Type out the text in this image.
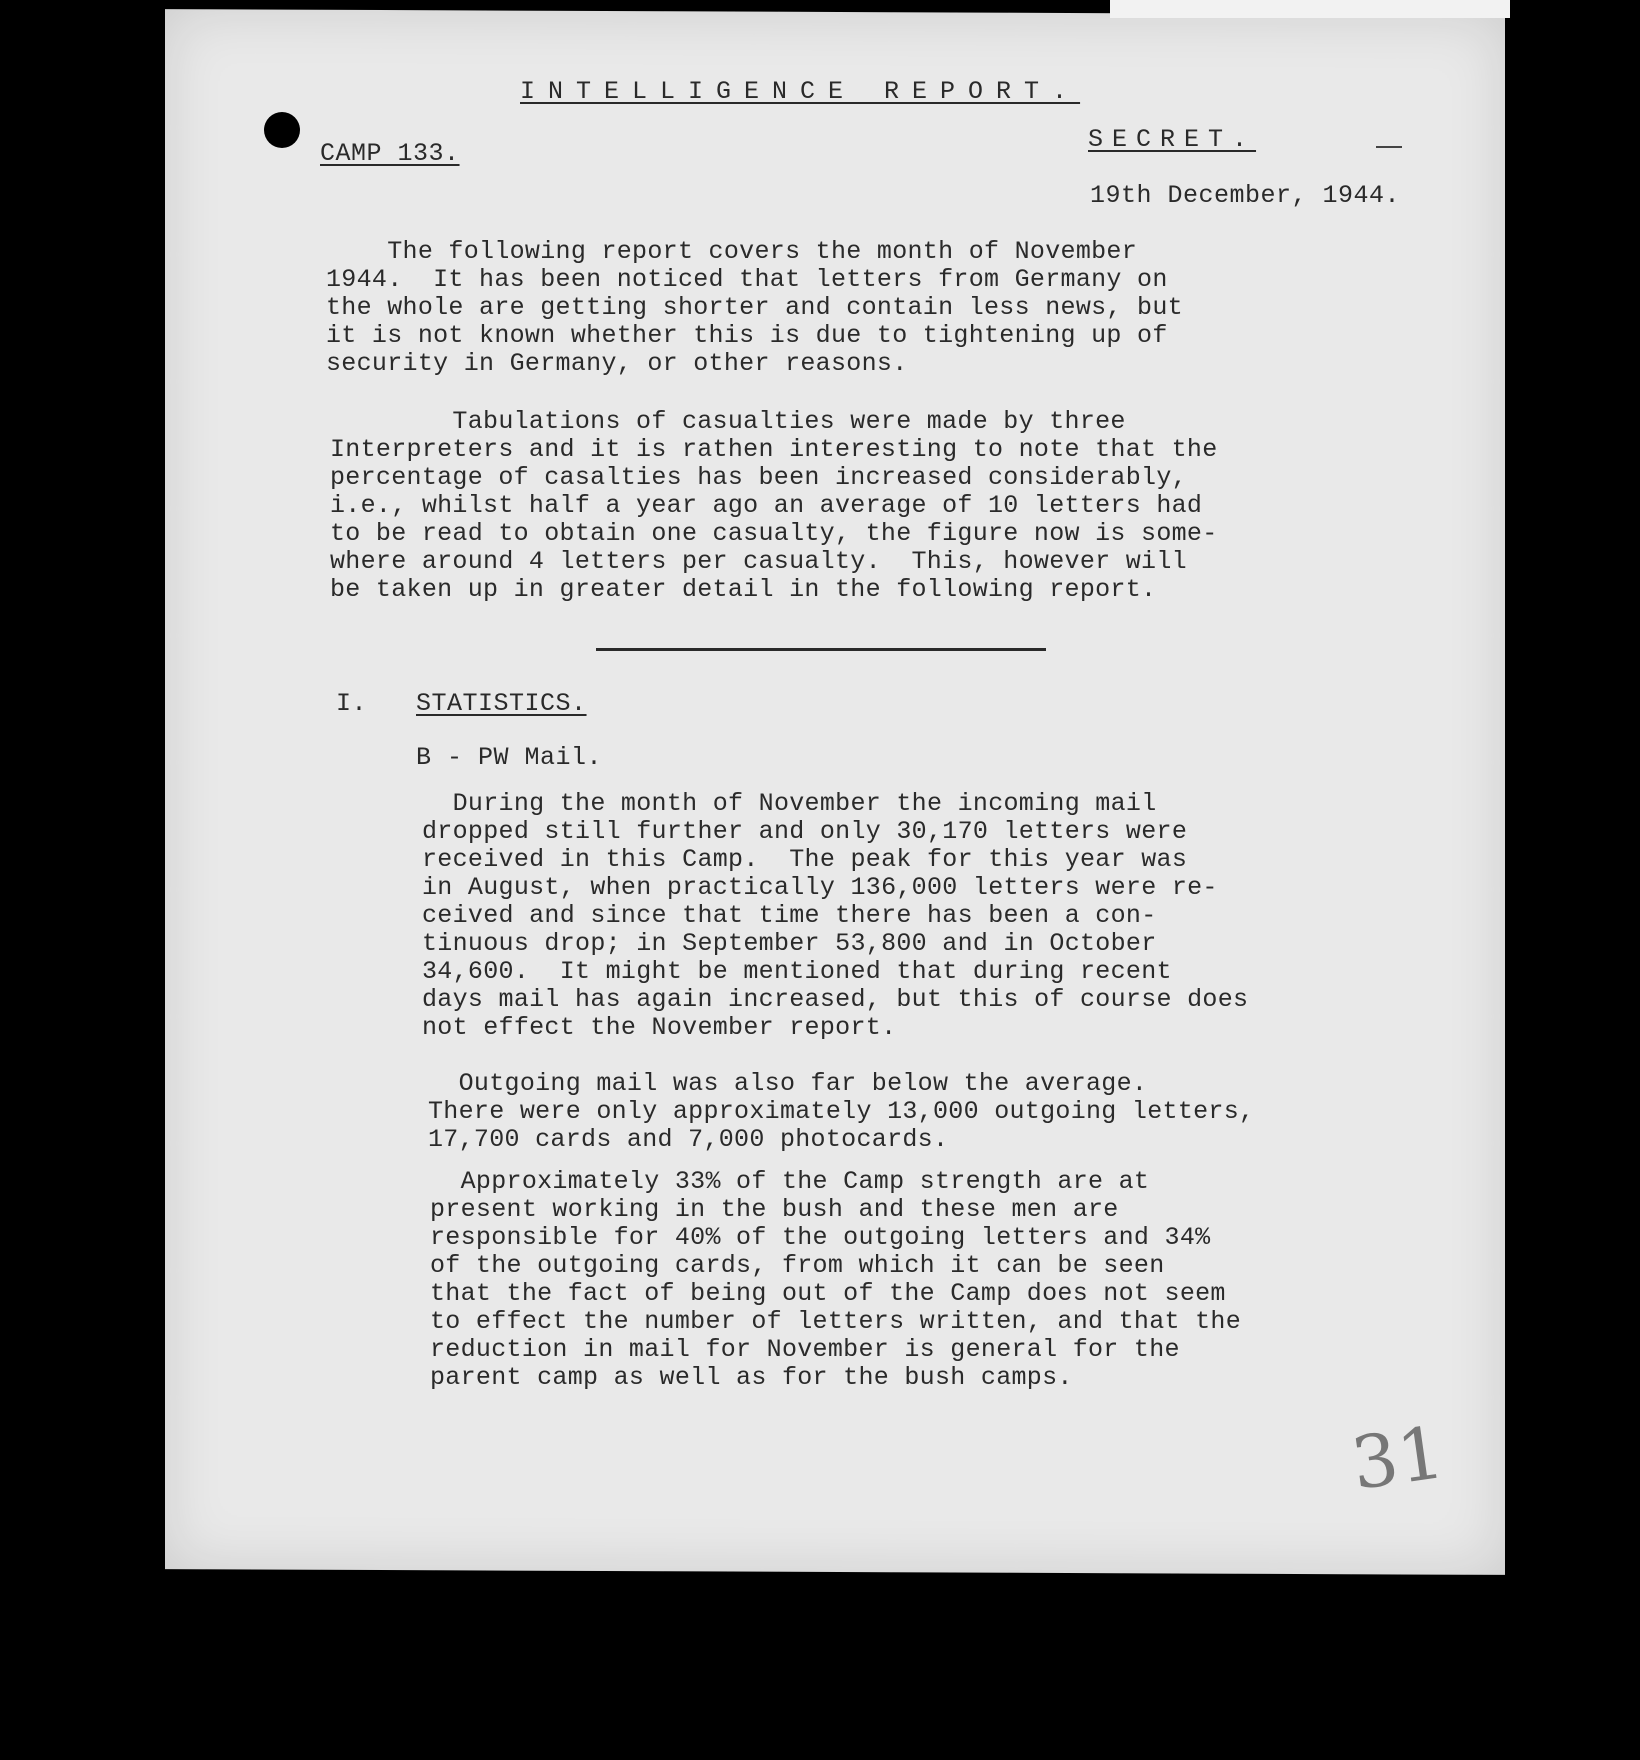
INTELLIGENCE REPORT.
CAMP 133.	SECRET.
19th December, 1944.
The following report covers the month of November
1944.  It has been noticed that letters from Germany on
the whole are getting shorter and contain less news, but
it is not known whether this is due to tightening up of
security in Germany, or other reasons.
Tabulations of casualties were made by three
Interpreters and it is rathen interesting to note that the
percentage of casalties has been increased considerably,
i.e., whilst half a year ago an average of 10 letters had
to be read to obtain one casualty, the figure now is some-
where around 4 letters per casualty.  This, however will
be taken up in greater detail in the following report.
I. STATISTICS.
B - PW Mail.
During the month of November the incoming mail
dropped still further and only 30,170 letters were
received in this Camp.  The peak for this year was
in August, when practically 136,000 letters were re-
ceived and since that time there has been a con-
tinuous drop; in September 53,800 and in October
34,600.  It might be mentioned that during recent
days mail has again increased, but this of course does
not effect the November report.
Outgoing mail was also far below the average.
There were only approximately 13,000 outgoing letters,
17,700 cards and 7,000 photocards.
Approximately 33% of the Camp strength are at
present working in the bush and these men are
responsible for 40% of the outgoing letters and 34%
of the outgoing cards, from which it can be seen
that the fact of being out of the Camp does not seem
to effect the number of letters written, and that the
reduction in mail for November is general for the
parent camp as well as for the bush camps.
31
